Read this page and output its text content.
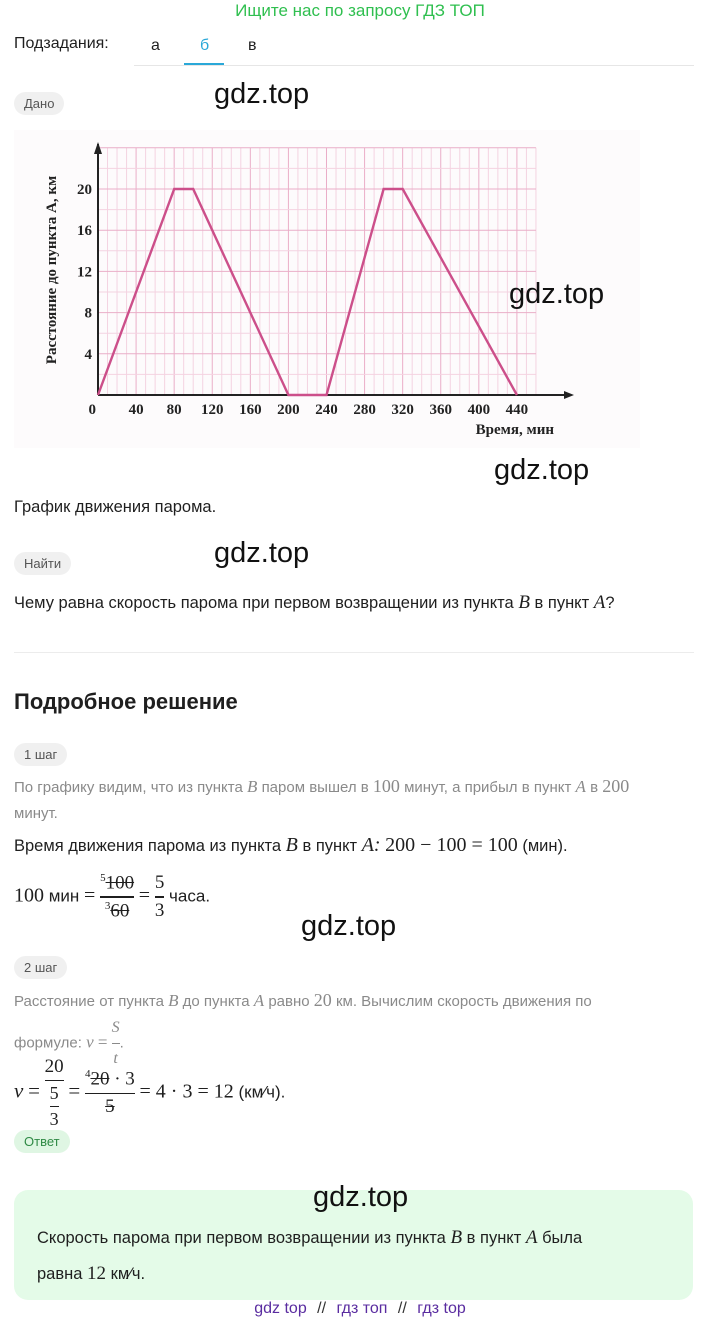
Ищите нас по запросу ГДЗ ТОП
Подзадания:	а	б в
Дано	gdz.top
0 40 80 120 160 200 240 280 320 360 400 440
4
8
12
16
20
Время, мин
Расстояние до пункта A, км	gdz.top
gdz.top
График движения парома.
Найти	gdz.top
Чему равна скорость парома при первом возвращении из пункта B в пункт A?
Подробное решение
1 шаг
По графику видим, что из пункта B паром вышел в 100 минут, а прибыл в пункт A в 200
минут.
Время движения парома из пункта B в пункт A: 200 − 100 = 100 (мин).
100 мин = $\frac{^5100}{^360} = \frac{5}{3}$ часа.
gdz.top
2 шаг
Расстояние от пункта B до пункта A равно 20 км. Вычислим скорость движения по
формуле: $v = \frac{S}{t}$ .
$v = \frac{20}{\frac{5}{3}} = \frac{^420 \cdot 3}{5} = 4 \cdot 3 = 12$ (км⁄ч).
Ответ
gdz.top
Скорость парома при первом возвращении из пункта B в пункт A была
равна 12 км⁄ч.
gdz top // гдз топ // гдз top
